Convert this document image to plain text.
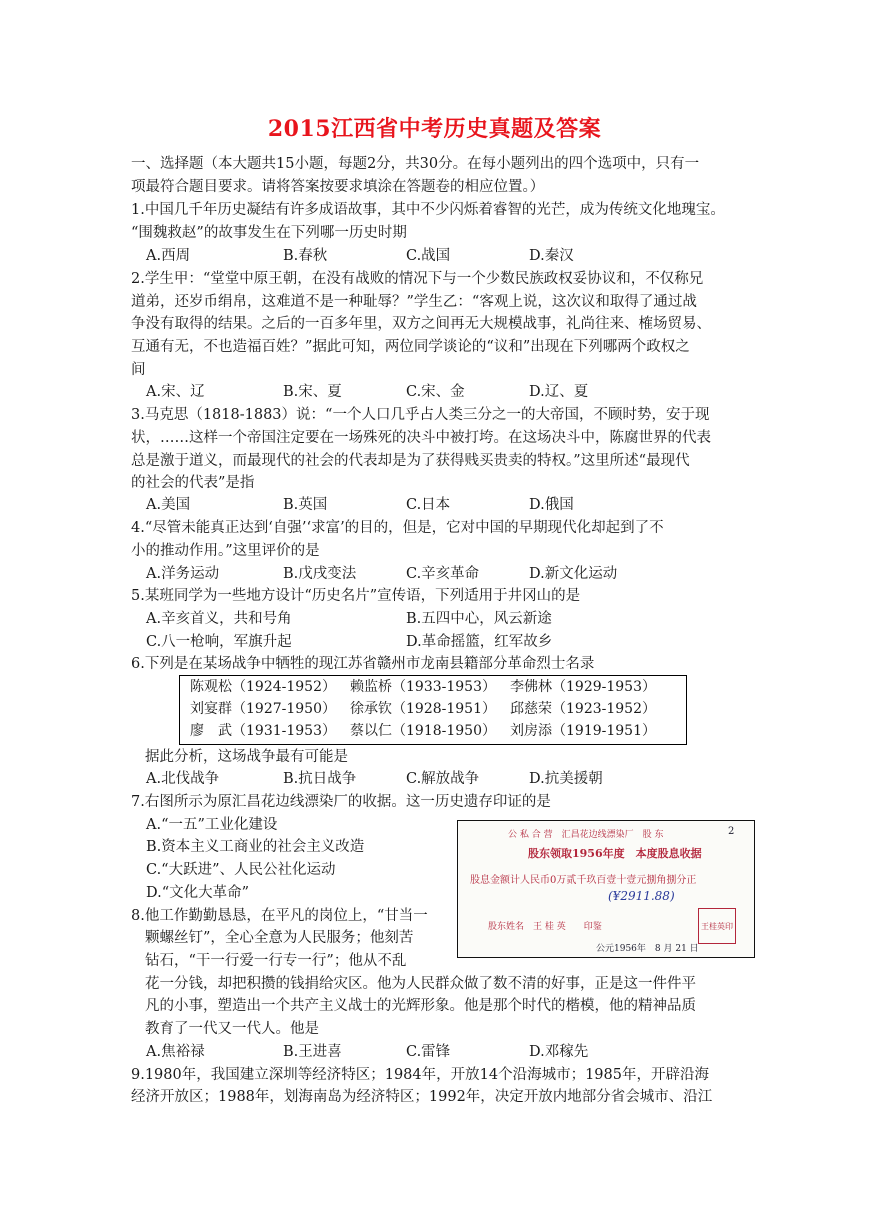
2015江西省中考历史真题及答案
一、选择题（本大题共15小题，每题2分，共30分。在每小题列出的四个选项中，只有一
项最符合题目要求。请将答案按要求填涂在答题卷的相应位置。）
1.中国几千年历史凝结有许多成语故事，其中不少闪烁着睿智的光芒，成为传统文化地瑰宝。
“围魏救赵”的故事发生在下列哪一历史时期
A.西周	B.春秋	C.战国	D.秦汉
2.学生甲：“堂堂中原王朝，在没有战败的情况下与一个少数民族政权妥协议和，不仅称兄
道弟，还岁币绢帛，这难道不是一种耻辱？”学生乙：“客观上说，这次议和取得了通过战
争没有取得的结果。之后的一百多年里，双方之间再无大规模战事，礼尚往来、榷场贸易、
互通有无，不也造福百姓？”据此可知，两位同学谈论的“议和”出现在下列哪两个政权之
间
A.宋、辽	B.宋、夏	C.宋、金	D.辽、夏
3.马克思（1818-1883）说：“一个人口几乎占人类三分之一的大帝国，不顾时势，安于现
状，……这样一个帝国注定要在一场殊死的决斗中被打垮。在这场决斗中，陈腐世界的代表
总是激于道义，而最现代的社会的代表却是为了获得贱买贵卖的特权。”这里所述“最现代
的社会的代表”是指
A.美国	B.英国	C.日本	D.俄国
4.“尽管未能真正达到‘自强’‘求富’的目的，但是，它对中国的早期现代化却起到了不
小的推动作用。”这里评价的是
A.洋务运动	B.戊戌变法	C.辛亥革命	D.新文化运动
5.某班同学为一些地方设计“历史名片”宣传语，下列适用于井冈山的是
A.辛亥首义，共和号角	B.五四中心，风云新途
C.八一枪响，军旗升起	D.革命摇篮，红军故乡
6.下列是在某场战争中牺牲的现江苏省赣州市龙南县籍部分革命烈士名录
陈观松（1924-1952） 赖监桥（1933-1953） 李佛林（1929-1953）
刘宴群（1927-1950） 徐承钦（1928-1951） 邱慈荣（1923-1952）
廖　武（1931-1953） 蔡以仁（1918-1950） 刘房添（1919-1951）
据此分析，这场战争最有可能是
A.北伐战争	B.抗日战争	C.解放战争	D.抗美援朝
7.右图所示为原汇昌花边线漂染厂的收据。这一历史遗存印证的是
A.“一五”工业化建设
B.资本主义工商业的社会主义改造
C.“大跃进”、人民公社化运动
D.“文化大革命”
公 私 合 营　汇昌花边线漂染厂　股 东	2
股东领取1956年度　本度股息收据
股息金额计人民币0万贰千玖百壹十壹元捌角捌分正
(¥2911.88)
股东姓名　王 桂 英　　印鉴	王桂英印
公元1956年　8 月 21 日
8.他工作勤勤恳恳，在平凡的岗位上，“甘当一
颗螺丝钉”，全心全意为人民服务；他刻苦
钻石，“干一行爱一行专一行”；他从不乱
花一分钱，却把积攒的钱捐给灾区。他为人民群众做了数不清的好事，正是这一件件平
凡的小事，塑造出一个共产主义战士的光辉形象。他是那个时代的楷模，他的精神品质
教育了一代又一代人。他是
A.焦裕禄	B.王进喜	C.雷锋	D.邓稼先
9.1980年，我国建立深圳等经济特区；1984年，开放14个沿海城市；1985年，开辟沿海
经济开放区；1988年，划海南岛为经济特区；1992年，决定开放内地部分省会城市、沿江
